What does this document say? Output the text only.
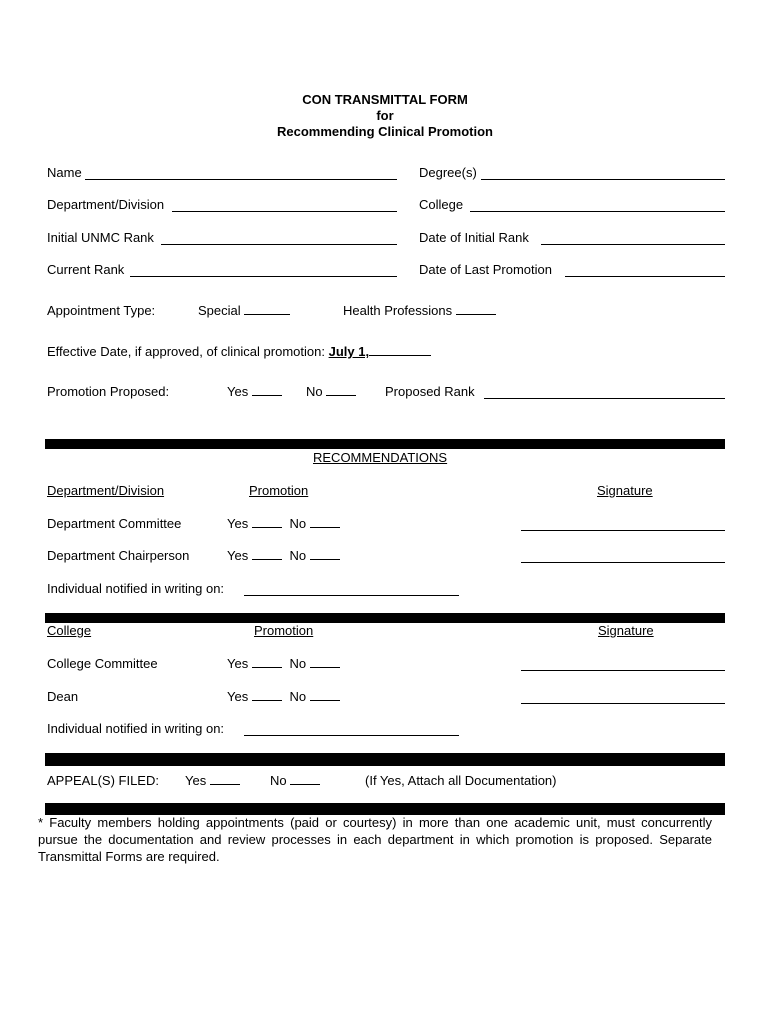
CON TRANSMITTAL FORM
for
Recommending Clinical Promotion
Name	Degree(s)
Department/Division	College
Initial UNMC Rank	Date of Initial Rank
Current Rank	Date of Last Promotion
Appointment Type:	Special	Health Professions
Effective Date, if approved, of clinical promotion: July 1,
Promotion Proposed:	Yes	No	Proposed Rank
RECOMMENDATIONS
Department/Division	Promotion	Signature
Department Committee	Yes	No
Department Chairperson	Yes	No
Individual notified in writing on:
College	Promotion	Signature
College Committee	Yes	No
Dean	Yes	No
Individual notified in writing on:
APPEAL(S) FILED: Yes	No	(If Yes, Attach all Documentation)
* Faculty members holding appointments (paid or courtesy) in more than one academic unit, must concurrently pursue the documentation and review processes in each department in which promotion is proposed. Separate Transmittal Forms are required.
